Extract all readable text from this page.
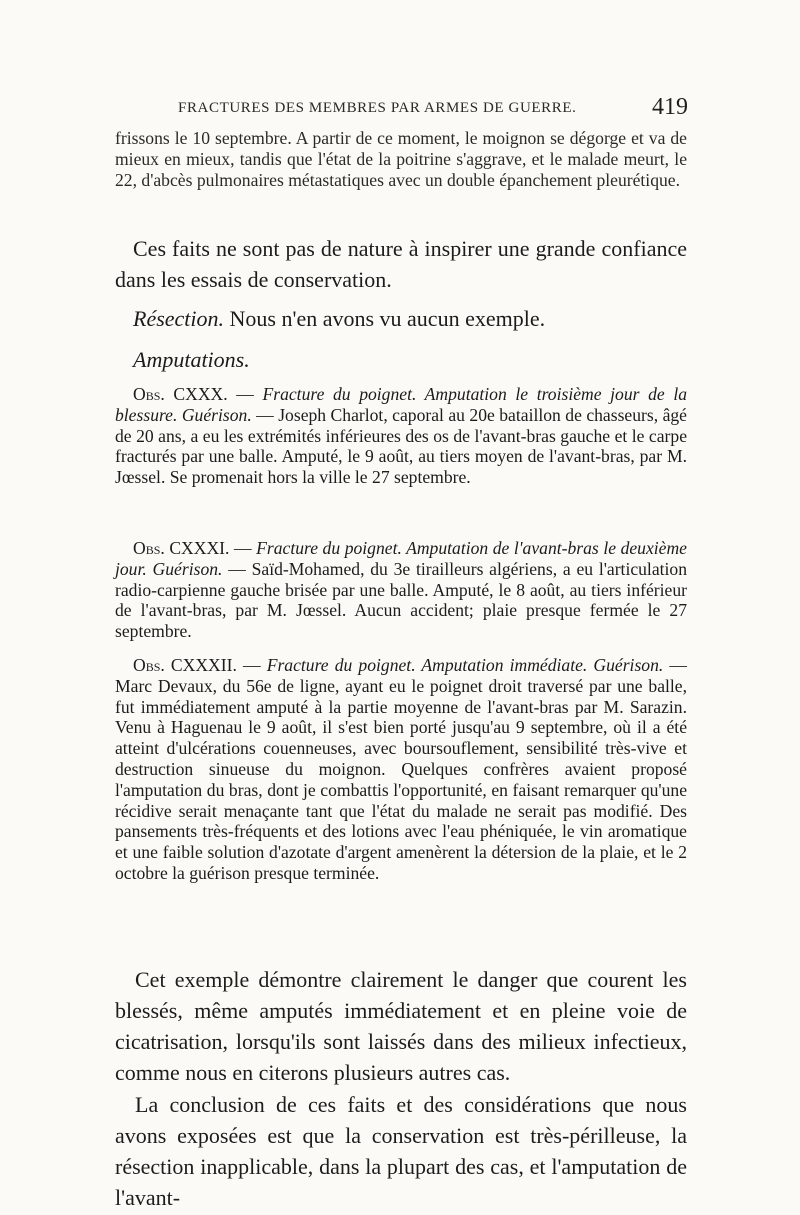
FRACTURES DES MEMBRES PAR ARMES DE GUERRE.	419

frissons le 10 septembre. A partir de ce moment, le moignon se dégorge et va de mieux en mieux, tandis que l'état de la poitrine s'aggrave, et le malade meurt, le 22, d'abcès pulmonaires métastatiques avec un double épanchement pleurétique.

Ces faits ne sont pas de nature à inspirer une grande confiance dans les essais de conservation.

Résection. Nous n'en avons vu aucun exemple.

Amputations.

Obs. CXXX. — Fracture du poignet. Amputation le troisième jour de la blessure. Guérison. — Joseph Charlot, caporal au 20e bataillon de chasseurs, âgé de 20 ans, a eu les extrémités inférieures des os de l'avant-bras gauche et le carpe fracturés par une balle. Amputé, le 9 août, au tiers moyen de l'avant-bras, par M. Jœssel. Se promenait hors la ville le 27 septembre.

Obs. CXXXI. — Fracture du poignet. Amputation de l'avant-bras le deuxième jour. Guérison. — Saïd-Mohamed, du 3e tirailleurs algériens, a eu l'articulation radio-carpienne gauche brisée par une balle. Amputé, le 8 août, au tiers inférieur de l'avant-bras, par M. Jœssel. Aucun accident; plaie presque fermée le 27 septembre.

Obs. CXXXII. — Fracture du poignet. Amputation immédiate. Guérison. — Marc Devaux, du 56e de ligne, ayant eu le poignet droit traversé par une balle, fut immédiatement amputé à la partie moyenne de l'avant-bras par M. Sarazin. Venu à Haguenau le 9 août, il s'est bien porté jusqu'au 9 septembre, où il a été atteint d'ulcérations couenneuses, avec boursouflement, sensibilité très-vive et destruction sinueuse du moignon. Quelques confrères avaient proposé l'amputation du bras, dont je combattis l'opportunité, en faisant remarquer qu'une récidive serait menaçante tant que l'état du malade ne serait pas modifié. Des pansements très-fréquents et des lotions avec l'eau phéniquée, le vin aromatique et une faible solution d'azotate d'argent amenèrent la détersion de la plaie, et le 2 octobre la guérison presque terminée.

Cet exemple démontre clairement le danger que courent les blessés, même amputés immédiatement et en pleine voie de cicatrisation, lorsqu'ils sont laissés dans des milieux infectieux, comme nous en citerons plusieurs autres cas.

La conclusion de ces faits et des considérations que nous avons exposées est que la conservation est très-périlleuse, la résection inapplicable, dans la plupart des cas, et l'amputation de l'avant-
